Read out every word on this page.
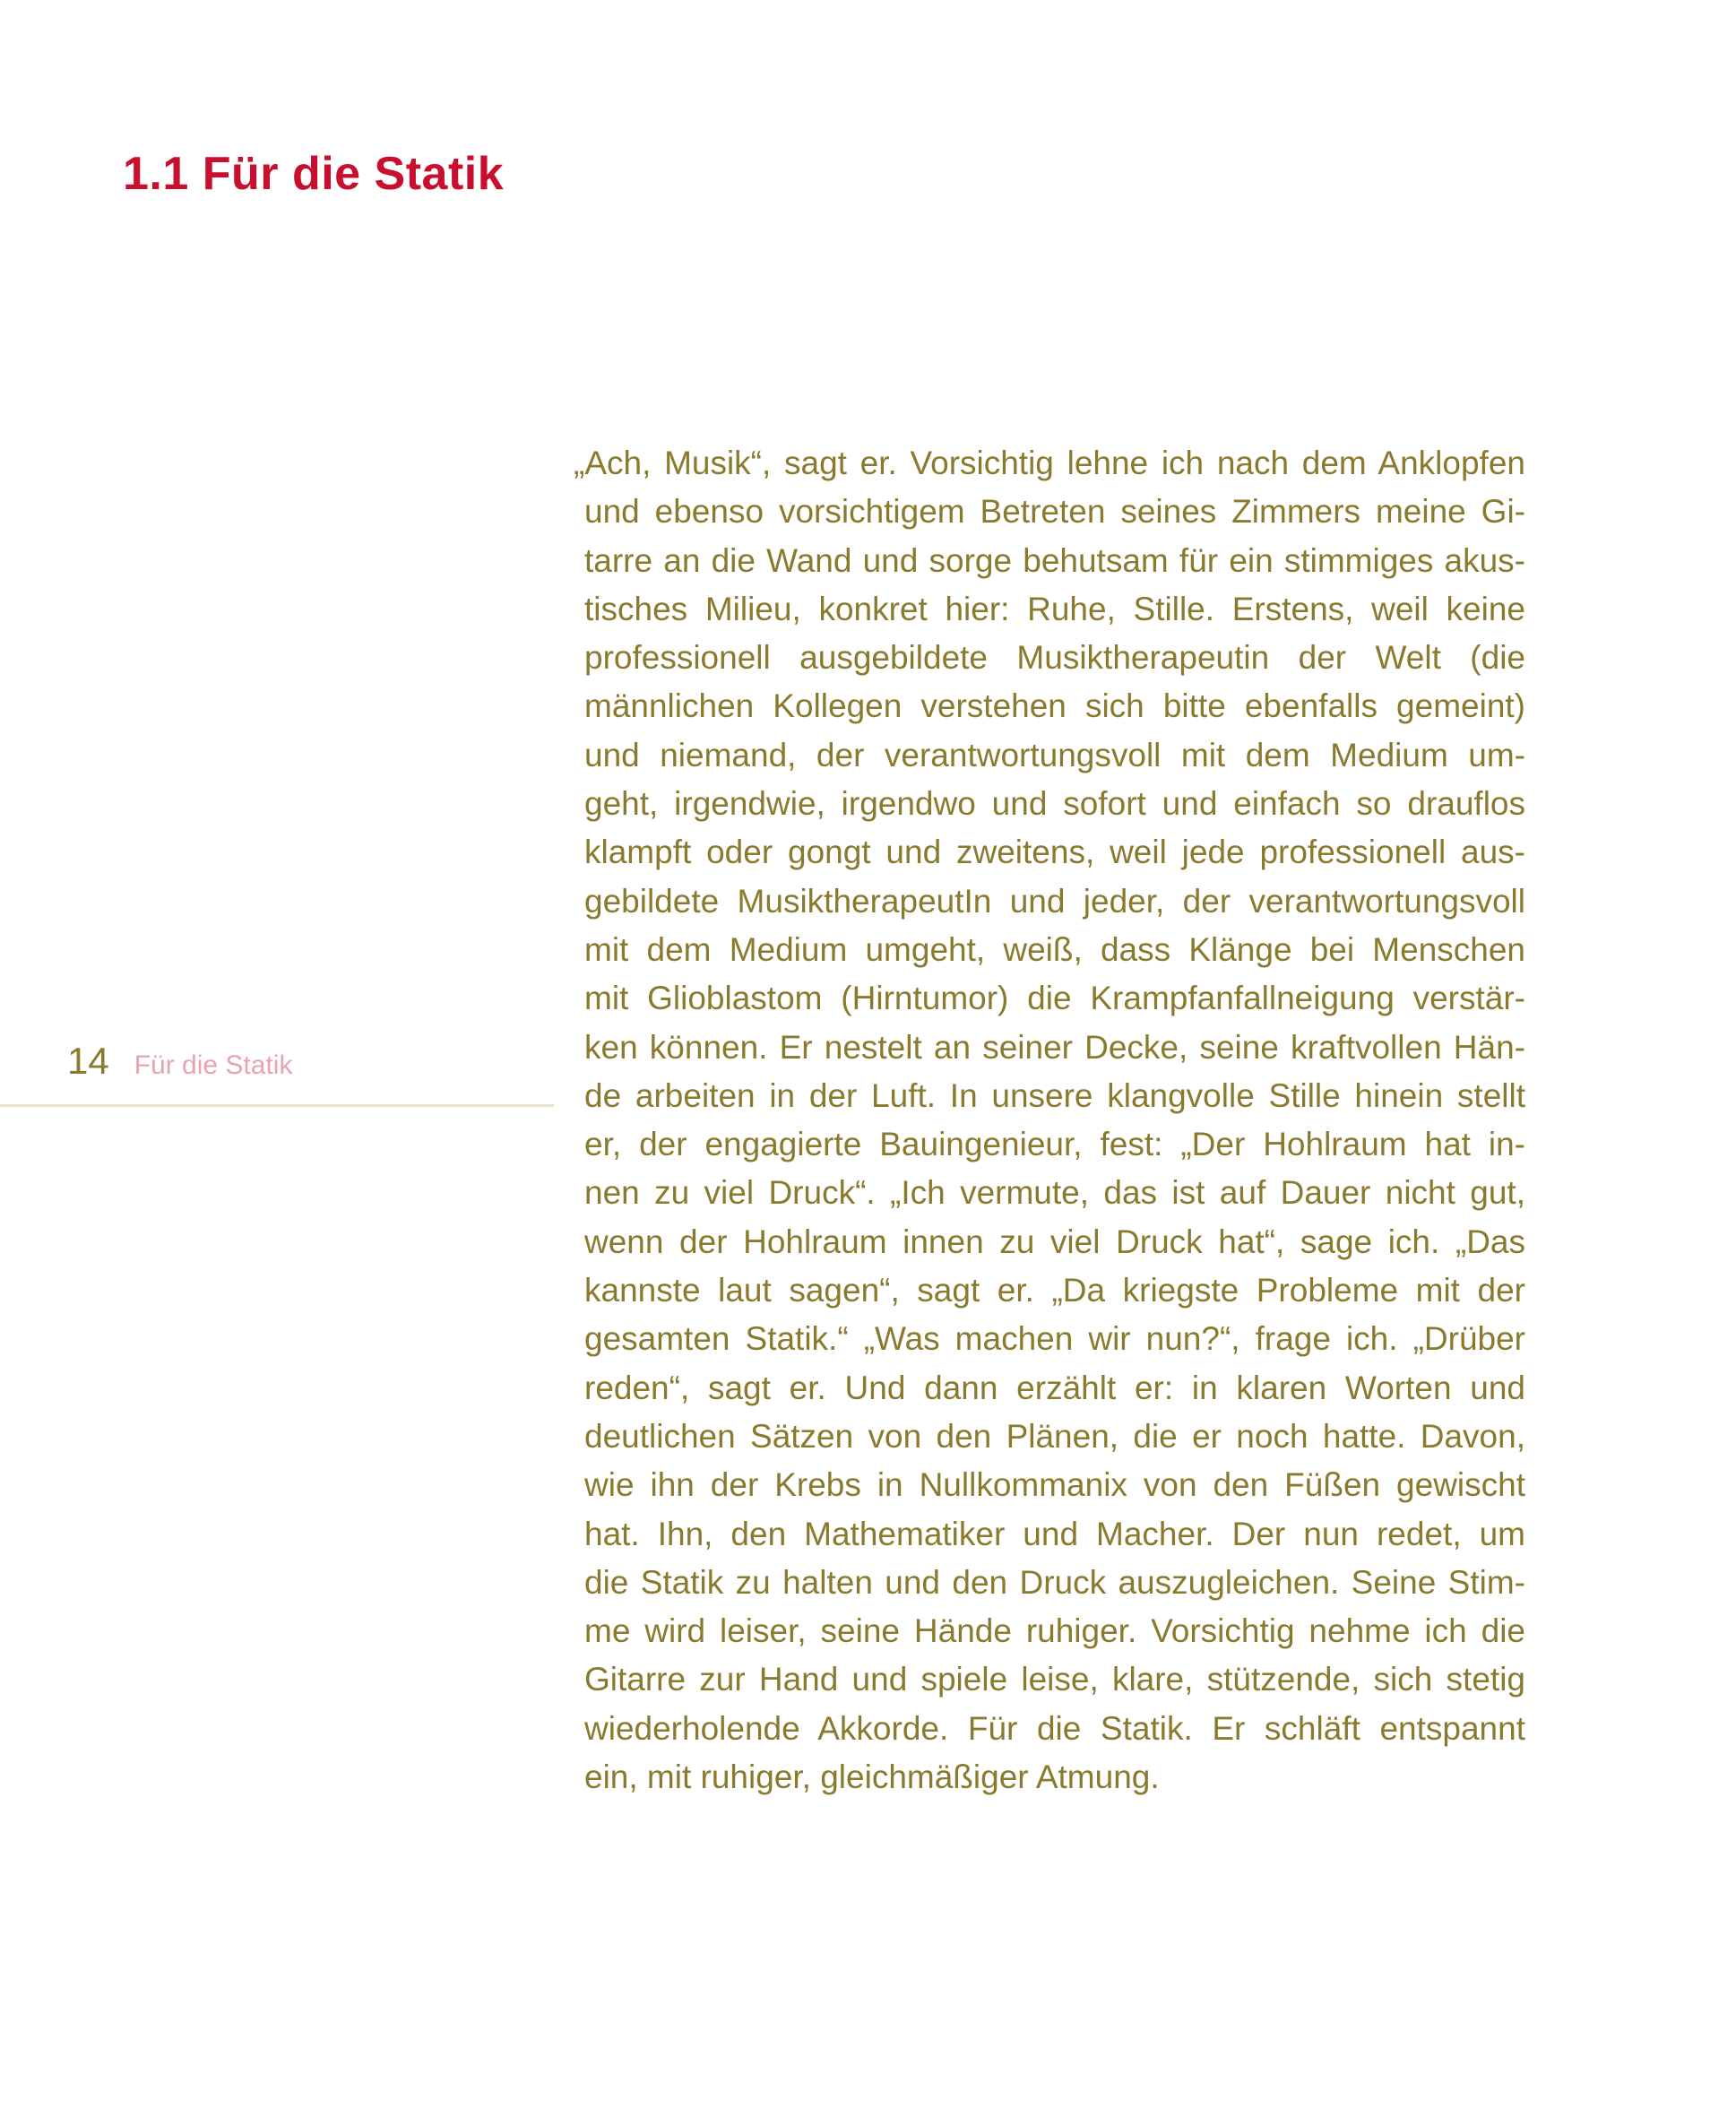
1.1 Für die Statik
14 Für die Statik
„Ach, Musik“, sagt er. Vorsichtig lehne ich nach dem Anklopfen
und ebenso vorsichtigem Betreten seines Zimmers meine Gi-
tarre an die Wand und sorge behutsam für ein stimmiges akus-
tisches Milieu, konkret hier: Ruhe, Stille. Erstens, weil keine
professionell ausgebildete Musiktherapeutin der Welt (die
männlichen Kollegen verstehen sich bitte ebenfalls gemeint)
und niemand, der verantwortungsvoll mit dem Medium um-
geht, irgendwie, irgendwo und sofort und einfach so drauflos
klampft oder gongt und zweitens, weil jede professionell aus-
gebildete MusiktherapeutIn und jeder, der verantwortungsvoll
mit dem Medium umgeht, weiß, dass Klänge bei Menschen
mit Glioblastom (Hirntumor) die Krampfanfallneigung verstär-
ken können. Er nestelt an seiner Decke, seine kraftvollen Hän-
de arbeiten in der Luft. In unsere klangvolle Stille hinein stellt
er, der engagierte Bauingenieur, fest: „Der Hohlraum hat in-
nen zu viel Druck“. „Ich vermute, das ist auf Dauer nicht gut,
wenn der Hohlraum innen zu viel Druck hat“, sage ich. „Das
kannste laut sagen“, sagt er. „Da kriegste Probleme mit der
gesamten Statik.“ „Was machen wir nun?“, frage ich. „Drüber
reden“, sagt er. Und dann erzählt er: in klaren Worten und
deutlichen Sätzen von den Plänen, die er noch hatte. Davon,
wie ihn der Krebs in Nullkommanix von den Füßen gewischt
hat. Ihn, den Mathematiker und Macher. Der nun redet, um
die Statik zu halten und den Druck auszugleichen. Seine Stim-
me wird leiser, seine Hände ruhiger. Vorsichtig nehme ich die
Gitarre zur Hand und spiele leise, klare, stützende, sich stetig
wiederholende Akkorde. Für die Statik. Er schläft entspannt
ein, mit ruhiger, gleichmäßiger Atmung.
